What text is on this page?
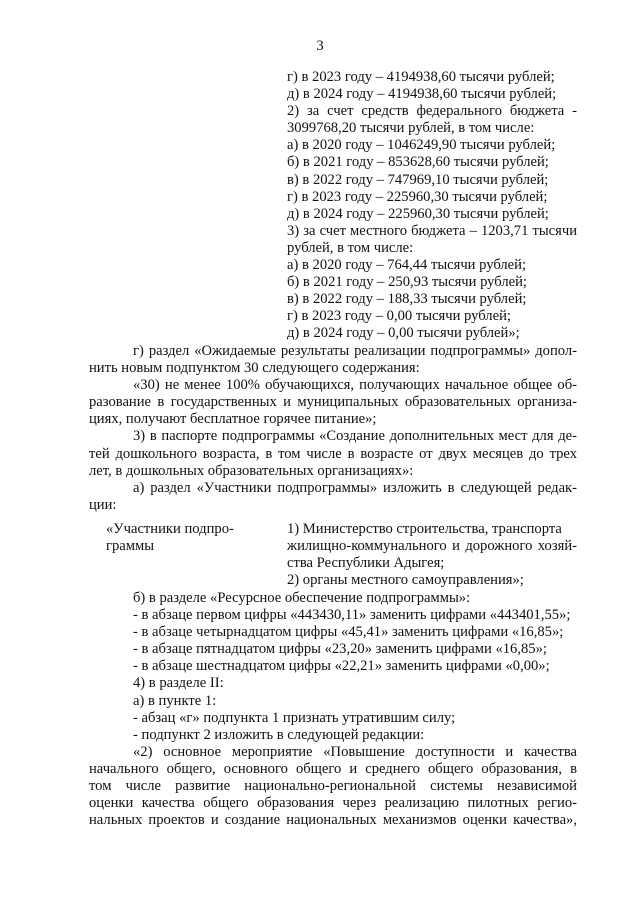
3
г) в 2023 году – 4194938,60 тысячи рублей;
д) в 2024 году – 4194938,60 тысячи рублей;
2) за счет средств федерального бюджета -
3099768,20 тысячи рублей, в том числе:
а) в 2020 году – 1046249,90 тысячи рублей;
б) в 2021 году – 853628,60 тысячи рублей;
в) в 2022 году – 747969,10 тысячи рублей;
г) в 2023 году – 225960,30 тысячи рублей;
д) в 2024 году – 225960,30 тысячи рублей;
3) за счет местного бюджета – 1203,71 тысячи
рублей, в том числе:
а) в 2020 году – 764,44 тысячи рублей;
б) в 2021 году – 250,93 тысячи рублей;
в) в 2022 году – 188,33 тысячи рублей;
г) в 2023 году – 0,00 тысячи рублей;
д) в 2024 году – 0,00 тысячи рублей»;
г) раздел «Ожидаемые результаты реализации подпрограммы» допол-
нить новым подпунктом 30 следующего содержания:
«30) не менее 100% обучающихся, получающих начальное общее об-
разование в государственных и муниципальных образовательных организа-
циях, получают бесплатное горячее питание»;
3) в паспорте подпрограммы «Создание дополнительных мест для де-
тей дошкольного возраста, в том числе в возрасте от двух месяцев до трех
лет, в дошкольных образовательных организациях»:
а) раздел «Участники подпрограммы» изложить в следующей редак-
ции:
«Участники подпро-
граммы
1) Министерство строительства, транспорта
жилищно-коммунального и дорожного хозяй-
ства Республики Адыгея;
2) органы местного самоуправления»;
б) в разделе «Ресурсное обеспечение подпрограммы»:
- в абзаце первом цифры «443430,11» заменить цифрами «443401,55»;
- в абзаце четырнадцатом цифры «45,41» заменить цифрами «16,85»;
- в абзаце пятнадцатом цифры «23,20» заменить цифрами «16,85»;
- в абзаце шестнадцатом цифры «22,21» заменить цифрами «0,00»;
4) в разделе II:
а) в пункте 1:
- абзац «г» подпункта 1 признать утратившим силу;
- подпункт 2 изложить в следующей редакции:
«2) основное мероприятие «Повышение доступности и качества
начального общего, основного общего и среднего общего образования, в
том числе развитие национально-региональной системы независимой
оценки качества общего образования через реализацию пилотных регио-
нальных проектов и создание национальных механизмов оценки качества»,
